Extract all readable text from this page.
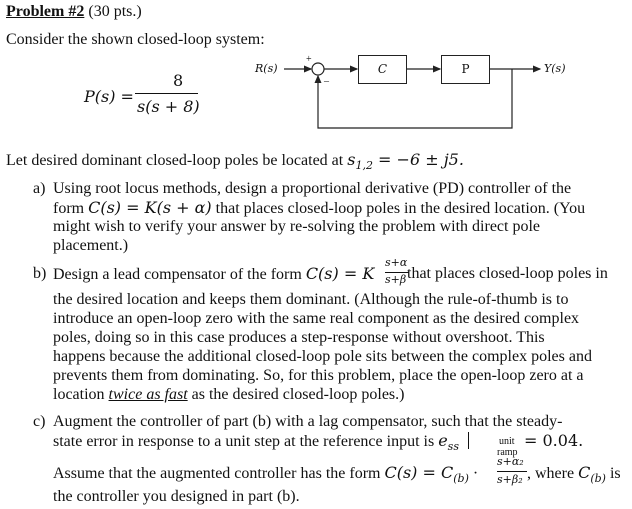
Problem #2 (30 pts.)
Consider the shown closed-loop system:
P(s) =
8
s(s + 8)
R(s)
+
–
C	P	Y(s)
Let desired dominant closed-loop poles be located at $s_{1,2} = -6 \pm j5$.
a) Using root locus methods, design a proportional derivative (PD) controller of the
form C(s) = K(s + α) that places closed-loop poles in the desired location. (You
might wish to verify your answer by re-solving the problem with direct pole
placement.)
b) Design a lead compensator of the form C(s) = K
s+α
s+β that places closed-loop poles in
the desired location and keeps them dominant. (Although the rule-of-thumb is to
introduce an open-loop zero with the same real component as the desired complex
poles, doing so in this case produces a step-response without overshoot. This
happens because the additional closed-loop pole sits between the complex poles and
prevents them from dominating. So, for this problem, place the open-loop zero at a
location twice as fast as the desired closed-loop poles.)
c) Augment the controller of part (b) with a lag compensator, such that the steady-
state error in response to a unit step at the reference input is $e_{ss}$	unit
ramp
= 0.04.
Assume that the augmented controller has the form $C(s) = C_{(b)}$ ·
s+α₂
s+β₂ , where $C_{(b)}$ is
the controller you designed in part (b).
